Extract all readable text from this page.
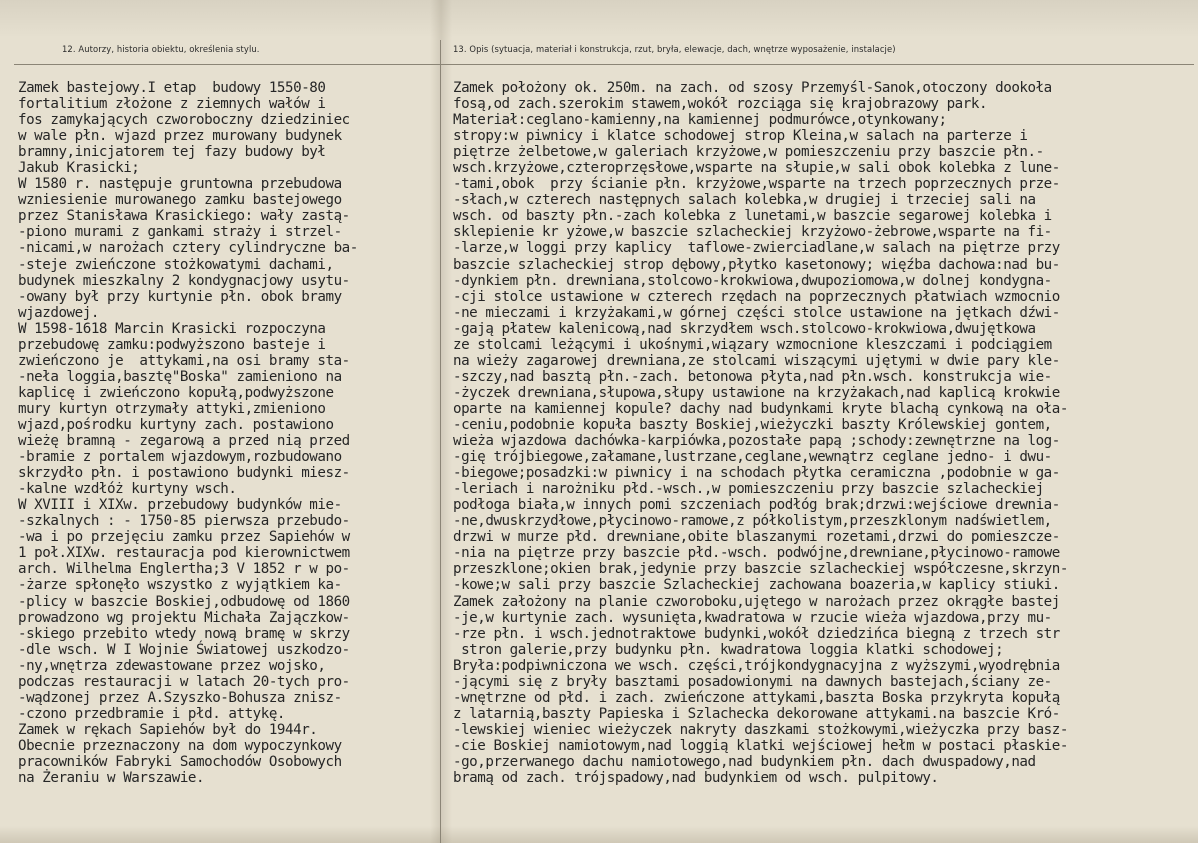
12. Autorzy, historia obiektu, określenia stylu.	13. Opis (sytuacja, materiał i konstrukcja, rzut, bryła, elewacje, dach, wnętrze wyposażenie, instalacje)
Zamek bastejowy.I etap  budowy 1550-80
fortalitium złożone z ziemnych wałów i
fos zamykających czworoboczny dziedziniec
w wale płn. wjazd przez murowany budynek
bramny,inicjatorem tej fazy budowy był
Jakub Krasicki;
W 1580 r. następuje gruntowna przebudowa
wzniesienie murowanego zamku bastejowego
przez Stanisława Krasickiego: wały zastą-
-piono murami z gankami straży i strzel-
-nicami,w narożach cztery cylindryczne ba-
-steje zwieńczone stożkowatymi dachami,
budynek mieszkalny 2 kondygnacjowy usytu-
-owany był przy kurtynie płn. obok bramy
wjazdowej.
W 1598-1618 Marcin Krasicki rozpoczyna
przebudowę zamku:podwyższono basteje i
zwieńczono je  attykami,na osi bramy sta-
-neła loggia,basztę"Boska" zamieniono na
kaplicę i zwieńczono kopułą,podwyższone
mury kurtyn otrzymały attyki,zmieniono
wjazd,pośrodku kurtyny zach. postawiono
wieżę bramną - zegarową a przed nią przed
-bramie z portalem wjazdowym,rozbudowano
skrzydło płn. i postawiono budynki miesz-
-kalne wzdłóż kurtyny wsch.
W XVIII i XIXw. przebudowy budynków mie-
-szkalnych : - 1750-85 pierwsza przebudo-
-wa i po przejęciu zamku przez Sapiehów w
1 poł.XIXw. restauracja pod kierownictwem
arch. Wilhelma Englertha;3 V 1852 r w po-
-żarze spłonęło wszystko z wyjątkiem ka-
-plicy w baszcie Boskiej,odbudowę od 1860
prowadzono wg projektu Michała Zajączkow-
-skiego przebito wtedy nową bramę w skrzy
-dle wsch. W I Wojnie Światowej uszkodzo-
-ny,wnętrza zdewastowane przez wojsko,
podczas restauracji w latach 20-tych pro-
-wądzonej przez A.Szyszko-Bohusza znisz-
-czono przedbramie i płd. attykę.
Zamek w rękach Sapiehów był do 1944r.
Obecnie przeznaczony na dom wypoczynkowy
pracowników Fabryki Samochodów Osobowych
na Żeraniu w Warszawie.
Zamek położony ok. 250m. na zach. od szosy Przemyśl-Sanok,otoczony dookoła
fosą,od zach.szerokim stawem,wokół rozciąga się krajobrazowy park.
Materiał:ceglano-kamienny,na kamiennej podmurówce,otynkowany;
stropy:w piwnicy i klatce schodowej strop Kleina,w salach na parterze i
piętrze żelbetowe,w galeriach krzyżowe,w pomieszczeniu przy baszcie płn.-
wsch.krzyżowe,czteroprzęsłowe,wsparte na słupie,w sali obok kolebka z lune-
-tami,obok  przy ścianie płn. krzyżowe,wsparte na trzech poprzecznych prze-
-słach,w czterech następnych salach kolebka,w drugiej i trzeciej sali na
wsch. od baszty płn.-zach kolebka z lunetami,w baszcie segarowej kolebka i
sklepienie kr yżowe,w baszcie szlacheckiej krzyżowo-żebrowe,wsparte na fi-
-larze,w loggi przy kaplicy  taflowe-zwierciadlane,w salach na piętrze przy
baszcie szlacheckiej strop dębowy,płytko kasetonowy; więźba dachowa:nad bu-
-dynkiem płn. drewniana,stolcowo-krokwiowa,dwupoziomowa,w dolnej kondygna-
-cji stolce ustawione w czterech rzędach na poprzecznych płatwiach wzmocnio
-ne mieczami i krzyżakami,w górnej części stolce ustawione na jętkach dźwi-
-gają płatew kalenicową,nad skrzydłem wsch.stolcowo-krokwiowa,dwujętkowa
ze stolcami leżącymi i ukośnymi,wiązary wzmocnione kleszczami i podciągiem
na wieży zagarowej drewniana,ze stolcami wiszącymi ujętymi w dwie pary kle-
-szczy,nad basztą płn.-zach. betonowa płyta,nad płn.wsch. konstrukcja wie-
-życzek drewniana,słupowa,słupy ustawione na krzyżakach,nad kaplicą krokwie
oparte na kamiennej kopule? dachy nad budynkami kryte blachą cynkową na oła-
-ceniu,podobnie kopuła baszty Boskiej,wieżyczki baszty Królewskiej gontem,
wieża wjazdowa dachówka-karpiówka,pozostałe papą ;schody:zewnętrzne na log-
-gię trójbiegowe,załamane,lustrzane,ceglane,wewnątrz ceglane jedno- i dwu-
-biegowe;posadzki:w piwnicy i na schodach płytka ceramiczna ,podobnie w ga-
-leriach i narożniku płd.-wsch.,w pomieszczeniu przy baszcie szlacheckiej
podłoga biała,w innych pomi szczeniach podłóg brak;drzwi:wejściowe drewnia-
-ne,dwuskrzydłowe,płycinowo-ramowe,z półkolistym,przeszklonym nadświetlem,
drzwi w murze płd. drewniane,obite blaszanymi rozetami,drzwi do pomieszcze-
-nia na piętrze przy baszcie płd.-wsch. podwójne,drewniane,płycinowo-ramowe
przeszklone;okien brak,jedynie przy baszcie szlacheckiej współczesne,skrzyn-
-kowe;w sali przy baszcie Szlacheckiej zachowana boazeria,w kaplicy stiuki.
Zamek założony na planie czworoboku,ujętego w narożach przez okrągłe bastej
-je,w kurtynie zach. wysunięta,kwadratowa w rzucie wieża wjazdowa,przy mu-
-rze płn. i wsch.jednotraktowe budynki,wokół dziedzińca biegną z trzech str
stron galerie,przy budynku płn. kwadratowa loggia klatki schodowej;
Bryła:podpiwniczona we wsch. części,trójkondygnacyjna z wyższymi,wyodrębnia
-jącymi się z bryły basztami posadowionymi na dawnych bastejach,ściany ze-
-wnętrzne od płd. i zach. zwieńczone attykami,baszta Boska przykryta kopułą
z latarnią,baszty Papieska i Szlachecka dekorowane attykami.na baszcie Kró-
-lewskiej wieniec wieżyczek nakryty daszkami stożkowymi,wieżyczka przy basz-
-cie Boskiej namiotowym,nad loggią klatki wejściowej hełm w postaci płaskie-
-go,przerwanego dachu namiotowego,nad budynkiem płn. dach dwuspadowy,nad
bramą od zach. trójspadowy,nad budynkiem od wsch. pulpitowy.
